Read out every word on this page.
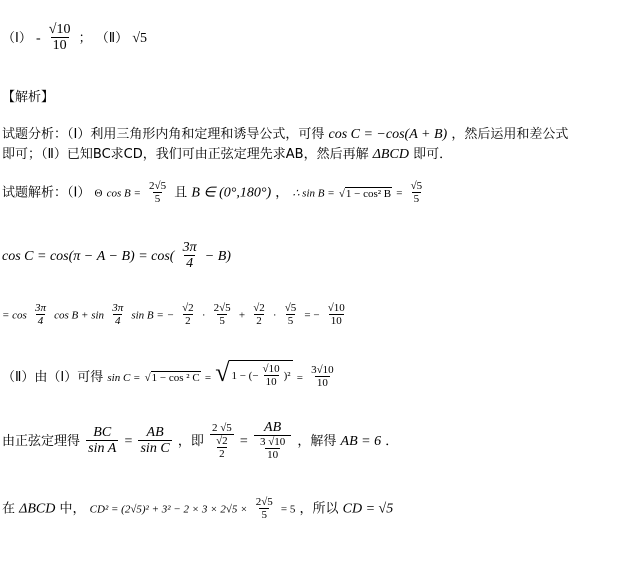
（Ⅰ） - $\frac{√10}{10}$ ； （Ⅱ） √5
【解析】
试题分析：（Ⅰ）利用三角形内角和定理和诱导公式，可得 cos C = −cos(A + B) ，然后运用和差公式
即可；（Ⅱ）已知BC求CD，我们可由正弦定理先求AB，然后再解 ΔBCD 即可．
试题解析：（Ⅰ） Θ $\cos B = \frac{2√5}{5}$ 且 B ∈ (0°,180°) ， ∴ sin B = √1 − cos² $B = \frac{√5}{5}$
$\cos C = \cos(\pi - A - B) = \cos( \frac{3\pi}{4} - B)$
= $\cos \frac{3\pi}{4}$ $\cos B + \sin \frac{3\pi}{4}$ sin B = − $\frac{√2}{2} \cdot \frac{2√5}{5} + \frac{√2}{2} \cdot \frac{√5}{5}$ = − $\frac{√10}{10}$
（Ⅱ）由（Ⅰ）可得 sin C = √1 − cos ² C = √ 1 − (− $\frac{√10}{10} )^2 = \frac{3√10}{10}$
由正弦定理得 $\frac{BC}{\text{sin A}} = \frac{AB}{\text{sin C}}$ ，即 $\frac{2 √5}{\frac{√2}{2}} = \frac{AB}{\frac{3 √10}{10}}$ ，解得 AB = 6 ．
在 ΔBCD 中， $CD^2 = (2√5)^2 + 3^2 - 2 \times 3 \times 2√5 \times \frac{2√5}{5} = 5$ ，所以 CD = √5
